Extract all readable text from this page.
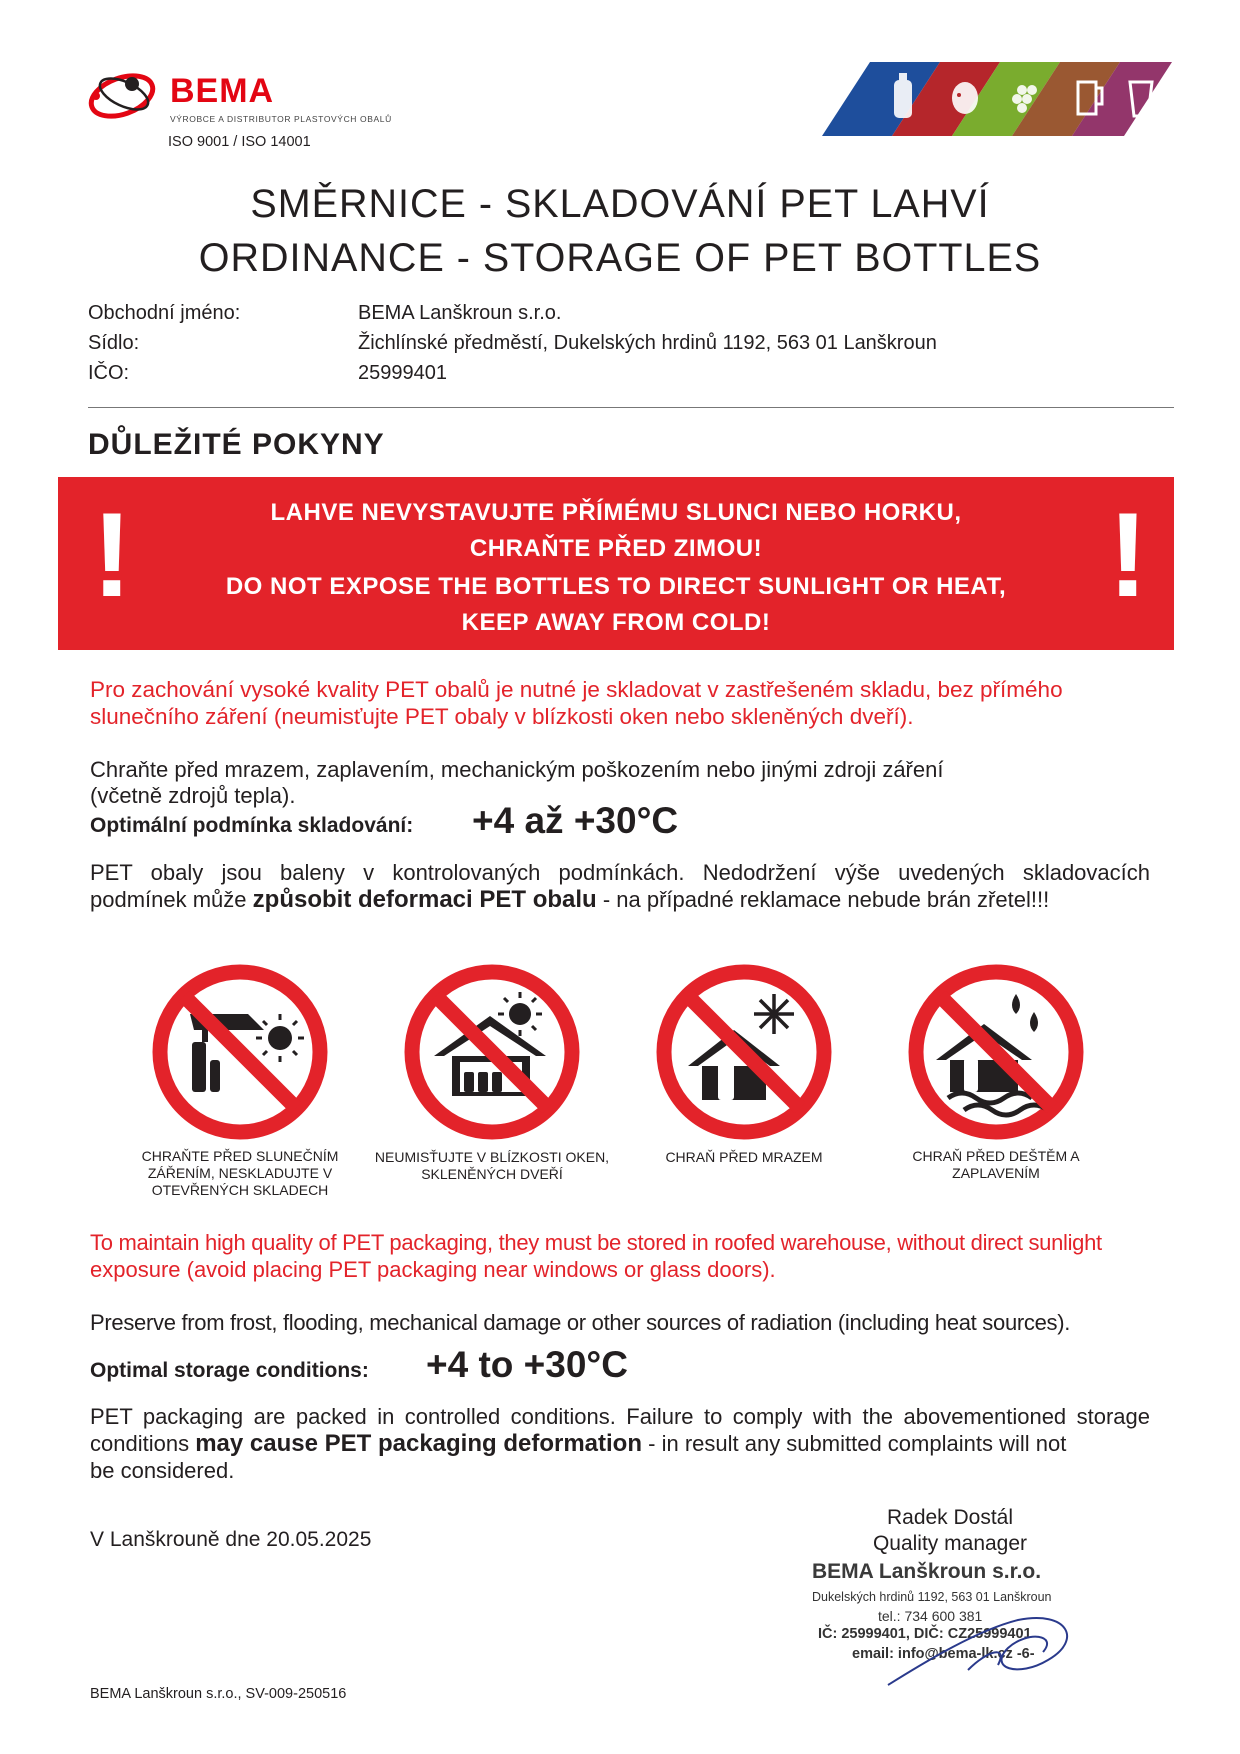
BEMA
VÝROBCE A DISTRIBUTOR PLASTOVÝCH OBALŮ
ISO 9001 / ISO 14001
SMĚRNICE - SKLADOVÁNÍ PET LAHVÍ
ORDINANCE - STORAGE OF PET BOTTLES
Obchodní jméno:	BEMA Lanškroun s.r.o.
Sídlo:	Žichlínské předměstí, Dukelských hrdinů 1192, 563 01 Lanškroun
IČO:	25999401
DŮLEŽITÉ POKYNY
!	!
LAHVE NEVYSTAVUJTE PŘÍMÉMU SLUNCI NEBO HORKU,
CHRAŇTE PŘED ZIMOU!
DO NOT EXPOSE THE BOTTLES TO DIRECT SUNLIGHT OR HEAT,
KEEP AWAY FROM COLD!
Pro zachování vysoké kvality PET obalů je nutné je skladovat v zastřešeném skladu, bez přímého
slunečního záření (neumisťujte PET obaly v blízkosti oken nebo skleněných dveří).
Chraňte před mrazem, zaplavením, mechanickým poškozením nebo jinými zdroji záření
(včetně zdrojů tepla).
Optimální podmínka skladování: +4 až +30°C
PET obaly jsou baleny v kontrolovaných podmínkách. Nedodržení výše uvedených skladovacích
podmínek může způsobit deformaci PET obalu - na případné reklamace nebude brán zřetel!!!
CHRAŇTE PŘED SLUNEČNÍM ZÁŘENÍM, NESKLADUJTE V OTEVŘENÝCH SKLADECH
NEUMISŤUJTE V BLÍZKOSTI OKEN, SKLENĚNÝCH DVEŘÍ
CHRAŇ PŘED MRAZEM	CHRAŇ PŘED DEŠTĚM A ZAPLAVENÍM
To maintain high quality of PET packaging, they must be stored in roofed warehouse, without direct sunlight
exposure (avoid placing PET packaging near windows or glass doors).
Preserve from frost, flooding, mechanical damage or other sources of radiation (including heat sources).
Optimal storage conditions: +4 to +30°C
PET packaging are packed in controlled conditions. Failure to comply with the abovementioned storage
conditions may cause PET packaging deformation - in result any submitted complaints will not
be considered.
V Lanškrouně dne 20.05.2025
Radek Dostál
Quality manager
BEMA Lanškroun s.r.o.
Dukelských hrdinů 1192, 563 01 Lanškroun
tel.: 734 600 381
IČ: 25999401, DIČ: CZ25999401
email: info@bema-lk.cz -6-
BEMA Lanškroun s.r.o., SV-009-250516
